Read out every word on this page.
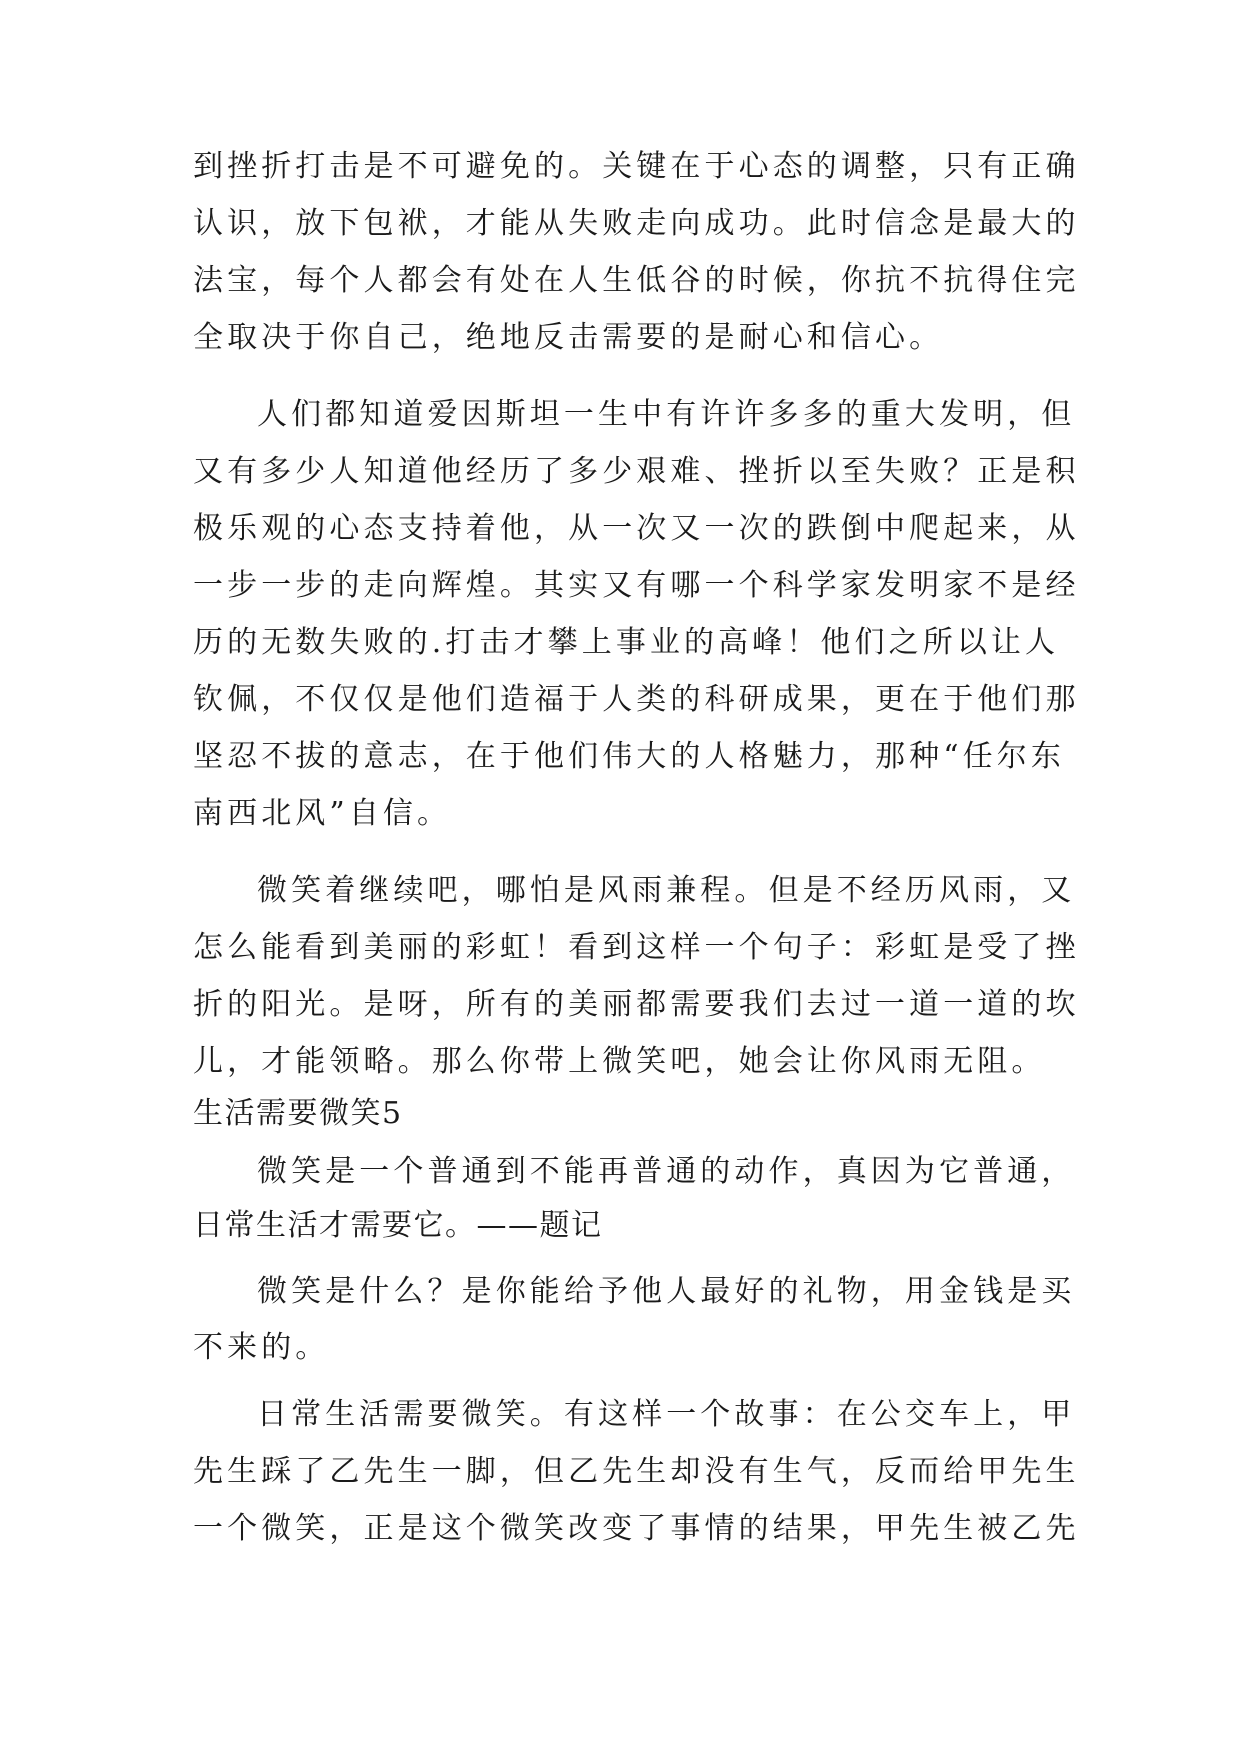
到挫折打击是不可避免的。关键在于心态的调整，只有正确
认识，放下包袱，才能从失败走向成功。此时信念是最大的
法宝，每个人都会有处在人生低谷的时候，你抗不抗得住完
全取决于你自己，绝地反击需要的是耐心和信心。
人们都知道爱因斯坦一生中有许许多多的重大发明，但
又有多少人知道他经历了多少艰难、挫折以至失败？正是积
极乐观的心态支持着他，从一次又一次的跌倒中爬起来，从
一步一步的走向辉煌。其实又有哪一个科学家发明家不是经
历的无数失败的.打击才攀上事业的高峰！他们之所以让人
钦佩，不仅仅是他们造福于人类的科研成果，更在于他们那
坚忍不拔的意志，在于他们伟大的人格魅力，那种“任尔东
南西北风”自信。
微笑着继续吧，哪怕是风雨兼程。但是不经历风雨，又
怎么能看到美丽的彩虹！看到这样一个句子：彩虹是受了挫
折的阳光。是呀，所有的美丽都需要我们去过一道一道的坎
儿，才能领略。那么你带上微笑吧，她会让你风雨无阻。
生活需要微笑5
微笑是一个普通到不能再普通的动作，真因为它普通，
日常生活才需要它。——题记
微笑是什么？是你能给予他人最好的礼物，用金钱是买
不来的。
日常生活需要微笑。有这样一个故事：在公交车上，甲
先生踩了乙先生一脚，但乙先生却没有生气，反而给甲先生
一个微笑，正是这个微笑改变了事情的结果，甲先生被乙先
